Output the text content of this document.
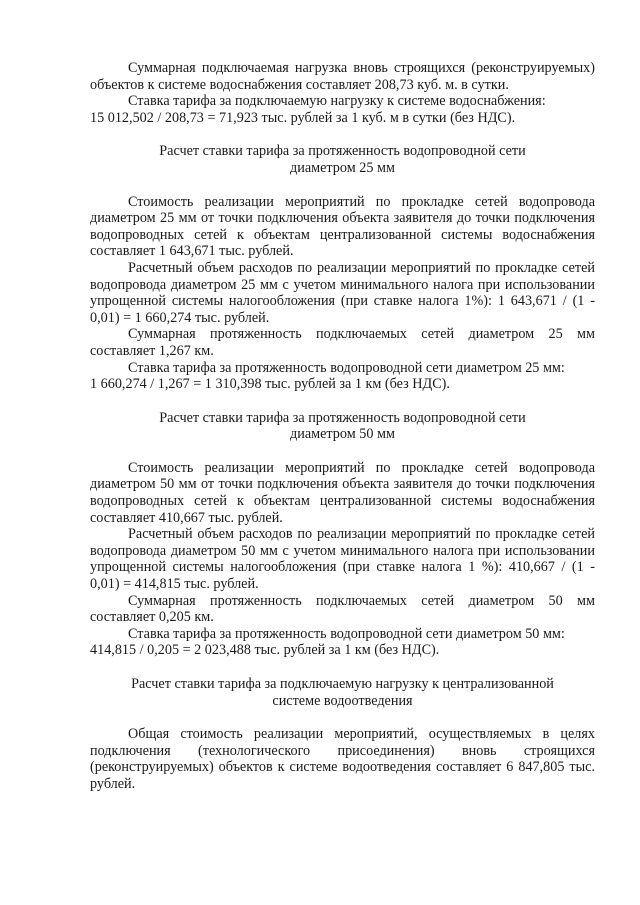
Суммарная подключаемая нагрузка вновь строящихся (реконструируемых) объектов к системе водоснабжения составляет 208,73 куб. м. в сутки.

Ставка тарифа за подключаемую нагрузку к системе водоснабжения:

15 012,502 / 208,73 = 71,923 тыс. рублей за 1 куб. м в сутки (без НДС).

Расчет ставки тарифа за протяженность водопроводной сети

диаметром 25 мм

Стоимость реализации мероприятий по прокладке сетей водопровода диаметром 25 мм от точки подключения объекта заявителя до точки подключения водопроводных сетей к объектам централизованной системы водоснабжения составляет 1 643,671 тыс. рублей.

Расчетный объем расходов по реализации мероприятий по прокладке сетей водопровода диаметром 25 мм с учетом минимального налога при использовании упрощенной системы налогообложения (при ставке налога 1%): 1 643,671 / (1 - 0,01) = 1 660,274 тыс. рублей.

Суммарная протяженность подключаемых сетей диаметром 25 мм составляет 1,267 км.

Ставка тарифа за протяженность водопроводной сети диаметром 25 мм:

1 660,274 / 1,267 = 1 310,398 тыс. рублей за 1 км (без НДС).

Расчет ставки тарифа за протяженность водопроводной сети

диаметром 50 мм

Стоимость реализации мероприятий по прокладке сетей водопровода диаметром 50 мм от точки подключения объекта заявителя до точки подключения водопроводных сетей к объектам централизованной системы водоснабжения составляет 410,667 тыс. рублей.

Расчетный объем расходов по реализации мероприятий по прокладке сетей водопровода диаметром 50 мм с учетом минимального налога при использовании упрощенной системы налогообложения (при ставке налога 1 %): 410,667 / (1 - 0,01) = 414,815 тыс. рублей.

Суммарная протяженность подключаемых сетей диаметром 50 мм составляет 0,205 км.

Ставка тарифа за протяженность водопроводной сети диаметром 50 мм:

414,815 / 0,205 = 2 023,488 тыс. рублей за 1 км (без НДС).

Расчет ставки тарифа за подключаемую нагрузку к централизованной

системе водоотведения

Общая стоимость реализации мероприятий, осуществляемых в целях подключения (технологического присоединения) вновь строящихся (реконструируемых) объектов к системе водоотведения составляет 6 847,805 тыс. рублей.
